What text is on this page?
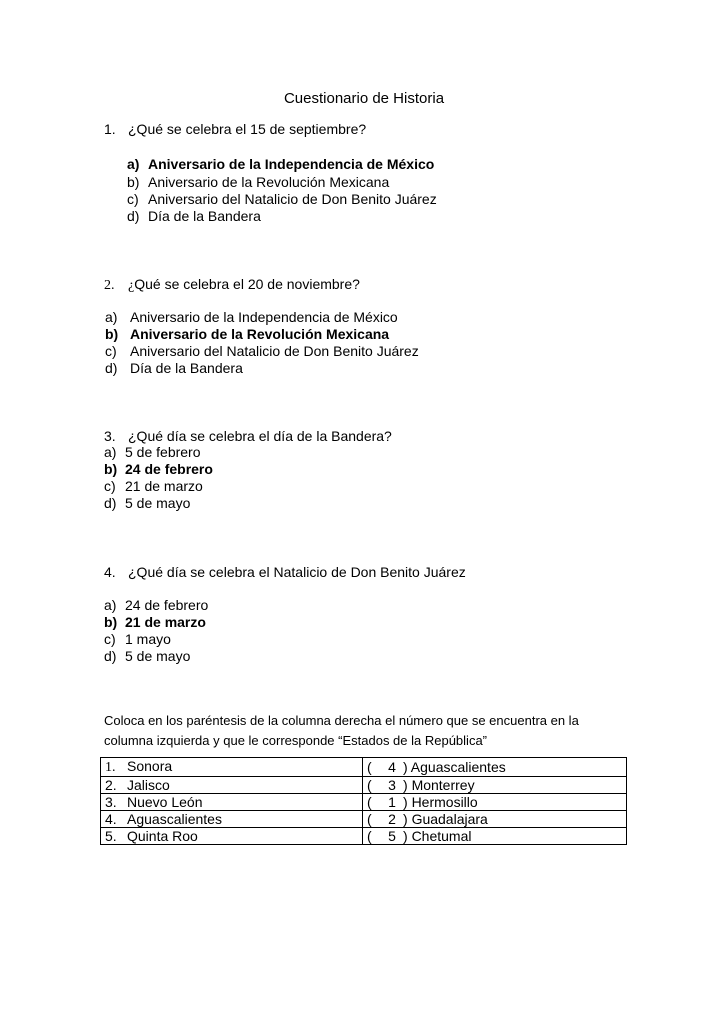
Cuestionario de Historia
1. ¿Qué se celebra el 15 de septiembre?
a) Aniversario de la Independencia de México
b) Aniversario de la Revolución Mexicana
c) Aniversario del Natalicio de Don Benito Juárez
d) Día de la Bandera
2. ¿Qué se celebra el 20 de noviembre?
a) Aniversario de la Independencia de México
b) Aniversario de la Revolución Mexicana
c) Aniversario del Natalicio de Don Benito Juárez
d) Día de la Bandera
3. ¿Qué día se celebra el día de la Bandera?
a) 5 de febrero
b) 24 de febrero
c) 21 de marzo
d) 5 de mayo
4. ¿Qué día se celebra el Natalicio de Don Benito Juárez
a) 24 de febrero
b) 21 de marzo
c) 1 mayo
d) 5 de mayo
Coloca en los paréntesis de la columna derecha el número que se encuentra en la
columna izquierda y que le corresponde “Estados de la República”
1. Sonora	( 4 ) Aguascalientes
2. Jalisco	( 3 ) Monterrey
3. Nuevo León	( 1 ) Hermosillo
4. Aguascalientes	( 2 ) Guadalajara
5. Quinta Roo	( 5 ) Chetumal
